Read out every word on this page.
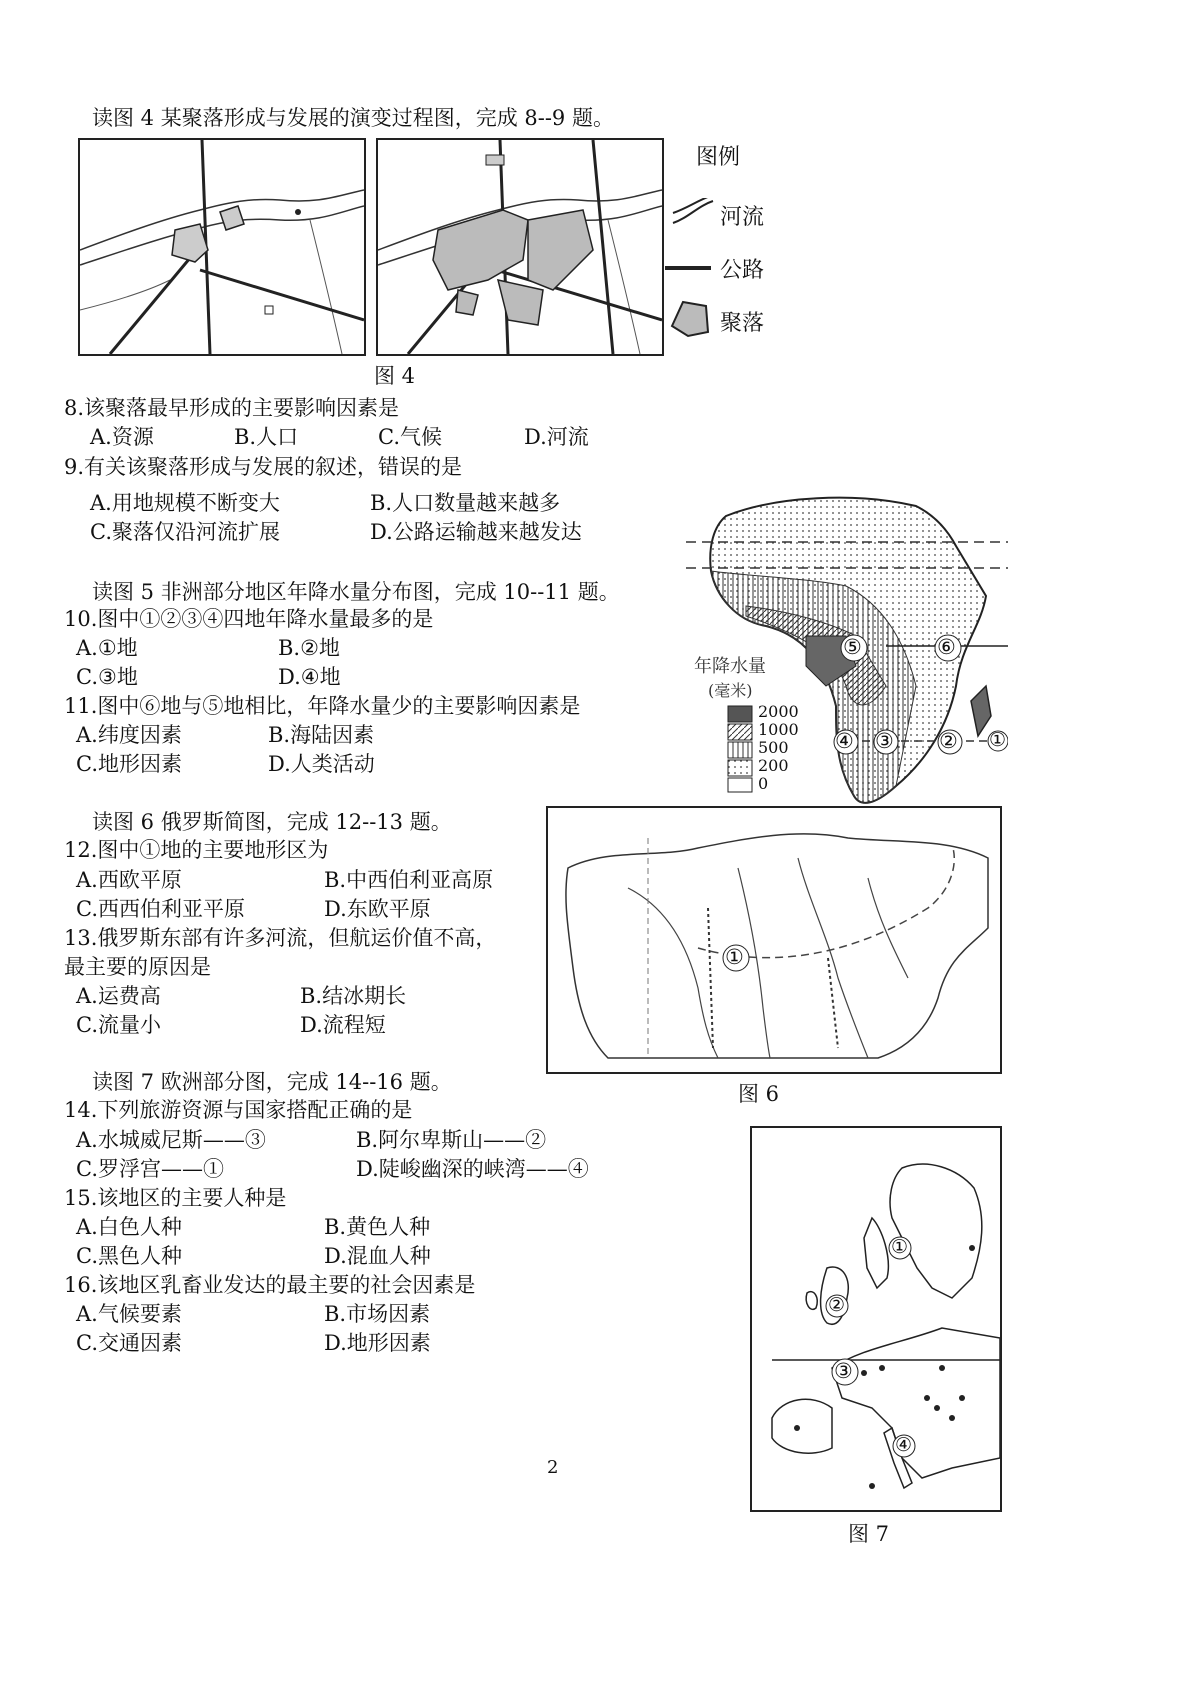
读图 4 某聚落形成与发展的演变过程图，完成 8--9 题。
图例
河流
公路
聚落
图 4
8.该聚落最早形成的主要影响因素是
A.资源	B.人口	C.气候	D.河流
9.有关该聚落形成与发展的叙述，错误的是
A.用地规模不断变大	B.人口数量越来越多
C.聚落仅沿河流扩展	D.公路运输越来越发达
⑤	⑥
①
②
③
④
年降水量
(毫米)
2000
1000
500
200
0
读图 5 非洲部分地区年降水量分布图，完成 10--11 题。
10.图中①②③④四地年降水量最多的是
A.①地	B.②地
C.③地	D.④地
11.图中⑥地与⑤地相比，年降水量少的主要影响因素是
A.纬度因素	B.海陆因素
C.地形因素	D.人类活动
①
图 6
读图 6 俄罗斯简图，完成 12--13 题。
12.图中①地的主要地形区为
A.西欧平原	B.中西伯利亚高原
C.西西伯利亚平原	D.东欧平原
13.俄罗斯东部有许多河流，但航运价值不高，
最主要的原因是
A.运费高	B.结冰期长
C.流量小	D.流程短
①
②
③
④
图 7
读图 7 欧洲部分图，完成 14--16 题。
14.下列旅游资源与国家搭配正确的是
A.水城威尼斯——③	B.阿尔卑斯山——②
C.罗浮宫——①	D.陡峻幽深的峡湾——④
15.该地区的主要人种是
A.白色人种	B.黄色人种
C.黑色人种	D.混血人种
16.该地区乳畜业发达的最主要的社会因素是
A.气候要素	B.市场因素
C.交通因素	D.地形因素
2
